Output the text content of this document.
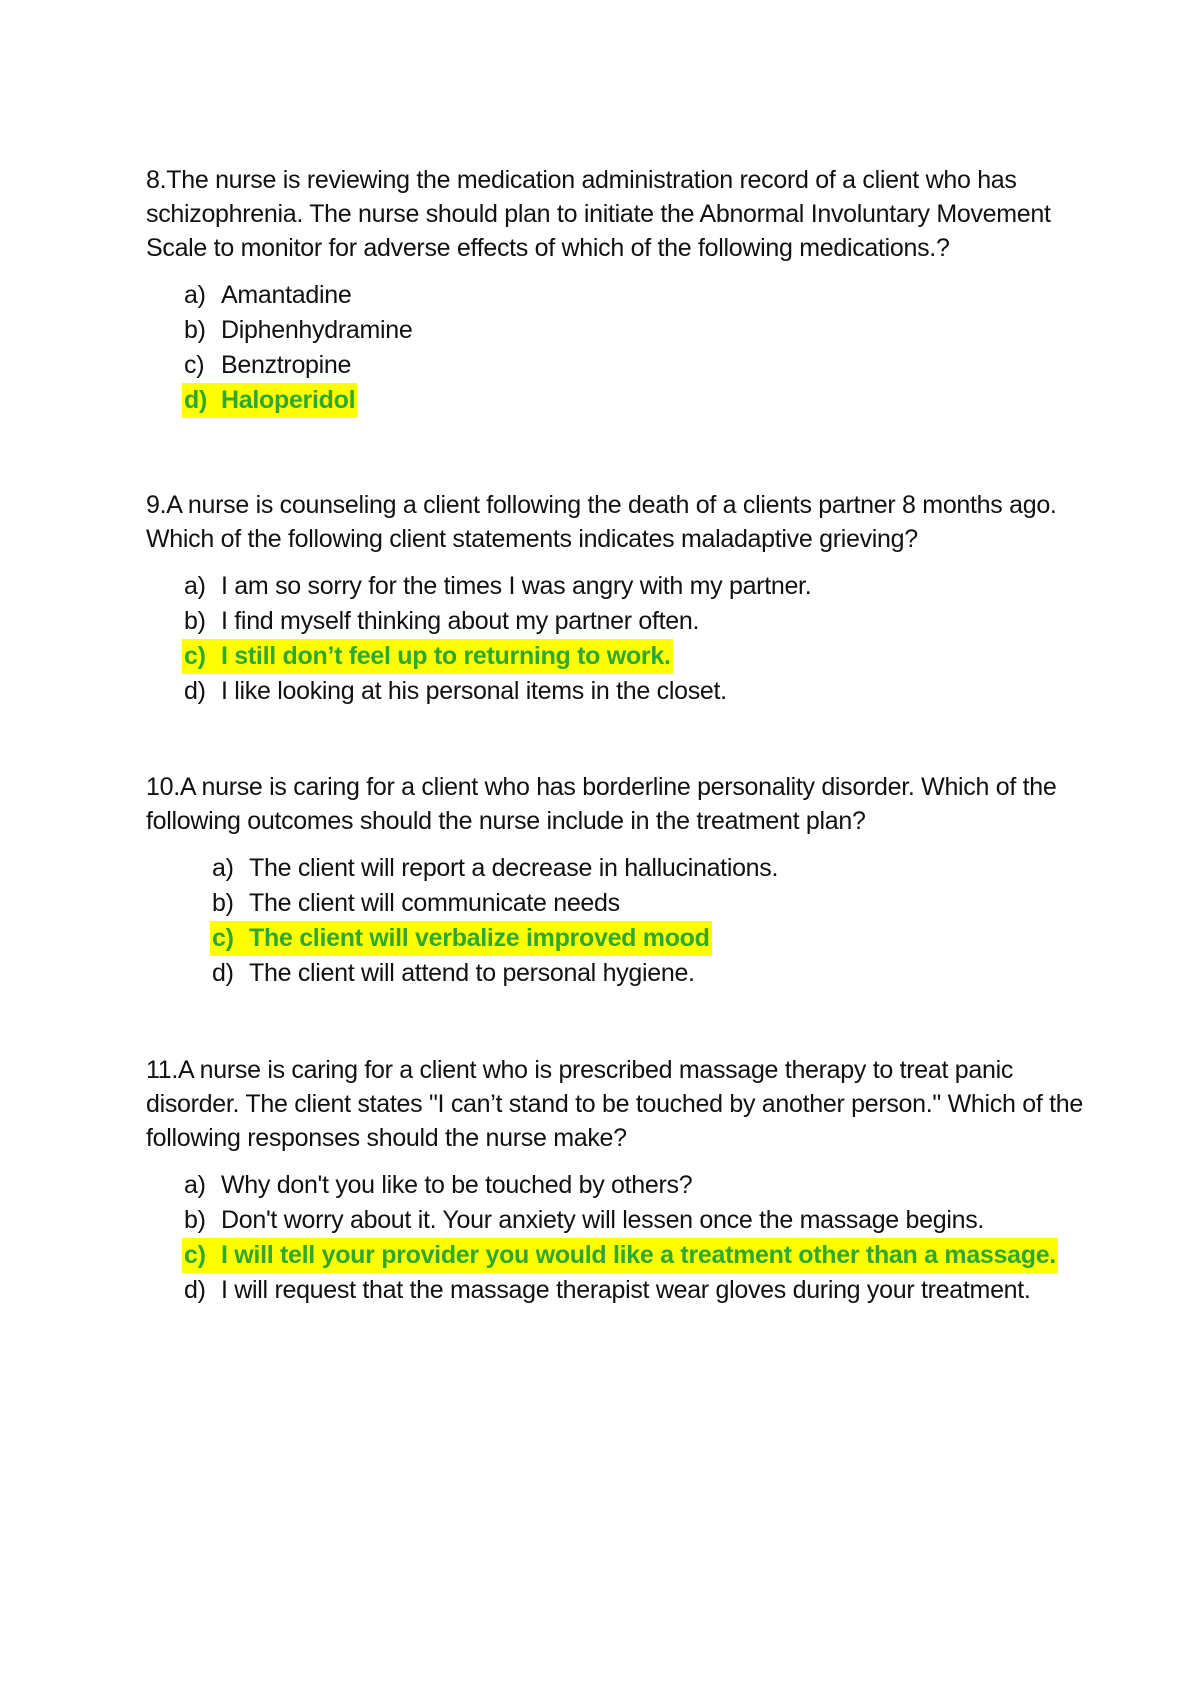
8.The nurse is reviewing the medication administration record of a client who has schizophrenia. The nurse should plan to initiate the Abnormal Involuntary Movement Scale to monitor for adverse effects of which of the following medications.?

a) Amantadine
b) Diphenhydramine
c) Benztropine
d) Haloperidol

9.A nurse is counseling a client following the death of a clients partner 8 months ago. Which of the following client statements indicates maladaptive grieving?

a) I am so sorry for the times I was angry with my partner.
b) I find myself thinking about my partner often.
c) I still don’t feel up to returning to work.
d) I like looking at his personal items in the closet.

10.A nurse is caring for a client who has borderline personality disorder. Which of the following outcomes should the nurse include in the treatment plan?

a) The client will report a decrease in hallucinations.
b) The client will communicate needs
c) The client will verbalize improved mood
d) The client will attend to personal hygiene.

11.A nurse is caring for a client who is prescribed massage therapy to treat panic disorder. The client states "I can’t stand to be touched by another person." Which of the following responses should the nurse make?

a) Why don't you like to be touched by others?
b) Don't worry about it. Your anxiety will lessen once the massage begins.
c) I will tell your provider you would like a treatment other than a massage.
d) I will request that the massage therapist wear gloves during your treatment.
